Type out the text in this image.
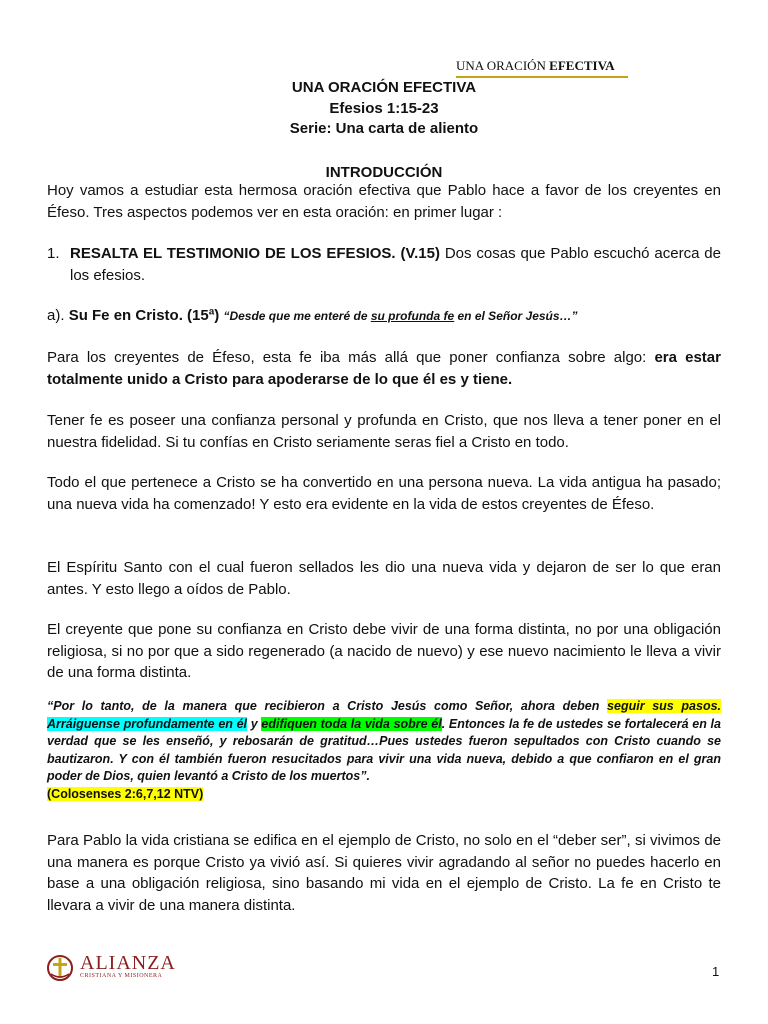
UNA ORACIÓN EFECTIVA
UNA ORACIÓN EFECTIVA
Efesios 1:15-23
Serie: Una carta de aliento
INTRODUCCIÓN
Hoy vamos a estudiar esta hermosa oración efectiva que Pablo hace a favor de los creyentes en Éfeso. Tres aspectos podemos ver en esta oración: en primer lugar :
1. RESALTA EL TESTIMONIO DE LOS EFESIOS. (V.15) Dos cosas que Pablo escuchó acerca de los efesios.
a). Su Fe en Cristo. (15ª) “Desde que me enteré de su profunda fe en el Señor Jesús…”
Para los creyentes de Éfeso, esta fe iba más allá que poner confianza sobre algo: era estar totalmente unido a Cristo para apoderarse de lo que él es y tiene.
Tener fe es poseer una confianza personal y profunda en Cristo, que nos lleva a tener poner en el nuestra fidelidad. Si tu confías en Cristo seriamente seras fiel a Cristo en todo.
Todo el que pertenece a Cristo se ha convertido en una persona nueva. La vida antigua ha pasado; una nueva vida ha comenzado! Y esto era evidente en la vida de estos creyentes de Éfeso.
El Espíritu Santo con el cual fueron sellados les dio una nueva vida y dejaron de ser lo que eran antes. Y esto llego a oídos de Pablo.
El creyente que pone su confianza en Cristo debe vivir de una forma distinta, no por una obligación religiosa, si no por que a sido regenerado (a nacido de nuevo) y ese nuevo nacimiento le lleva a vivir de una forma distinta.
“Por lo tanto, de la manera que recibieron a Cristo Jesús como Señor, ahora deben seguir sus pasos. Arráiguense profundamente en él y edifiquen toda la vida sobre él. Entonces la fe de ustedes se fortalecerá en la verdad que se les enseñó, y rebosarán de gratitud…Pues ustedes fueron sepultados con Cristo cuando se bautizaron. Y con él también fueron resucitados para vivir una vida nueva, debido a que confiaron en el gran poder de Dios, quien levantó a Cristo de los muertos”.
(Colosenses 2:6,7,12 NTV)
Para Pablo la vida cristiana se edifica en el ejemplo de Cristo, no solo en el “deber ser”, si vivimos de una manera es porque Cristo ya vivió así. Si quieres vivir agradando al señor no puedes hacerlo en base a una obligación religiosa, sino basando mi vida en el ejemplo de Cristo. La fe en Cristo te llevara a vivir de una manera distinta.
ALIANZA
CRISTIANA Y MISIONERA	1
